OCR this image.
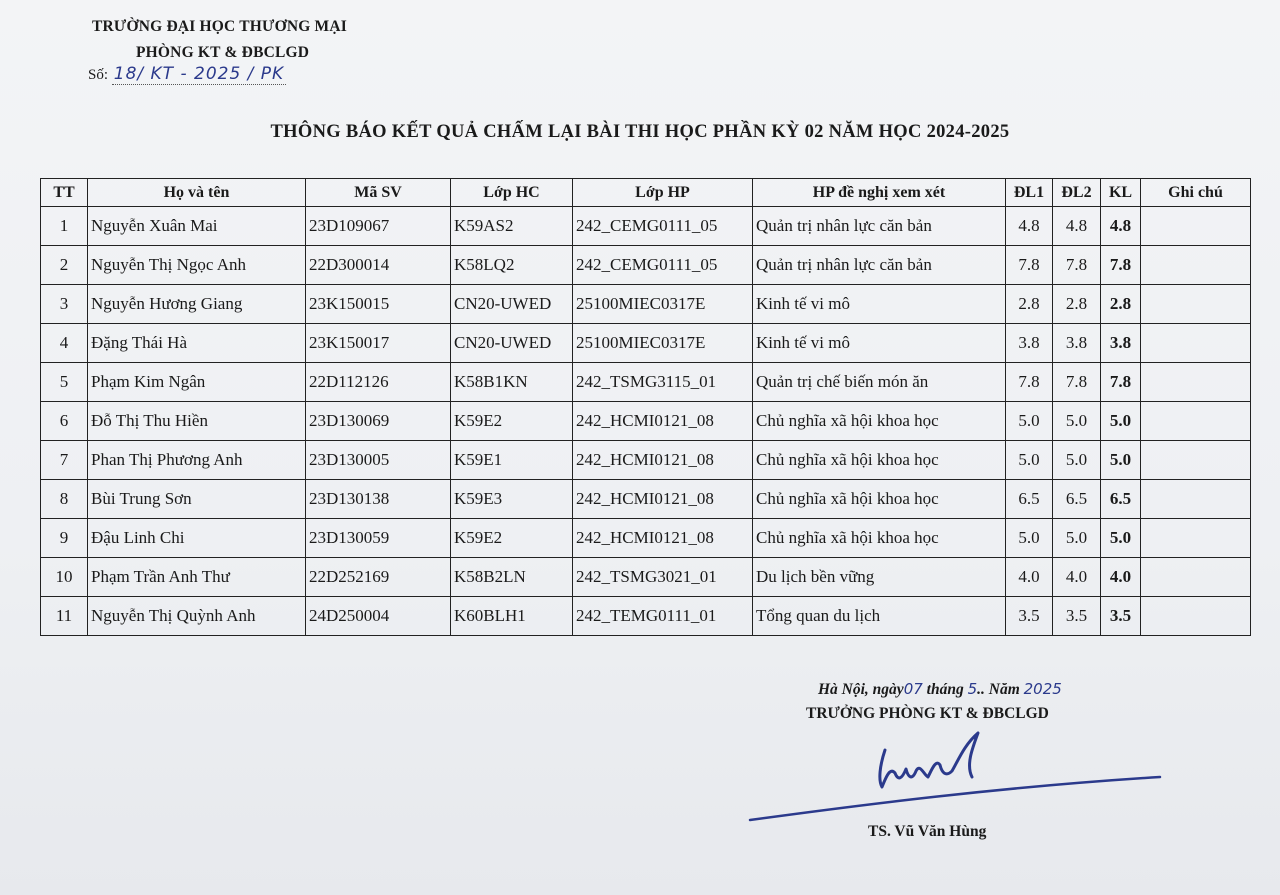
TRƯỜNG ĐẠI HỌC THƯƠNG MẠI
PHÒNG KT & ĐBCLGD
Số: 18/ KT - 2025 / PK
THÔNG BÁO KẾT QUẢ CHẤM LẠI BÀI THI HỌC PHẦN KỲ 02 NĂM HỌC 2024-2025
TT	Họ và tên	Mã SV	Lớp HC	Lớp HP	HP đề nghị xem xét	ĐL1	ĐL2	KL	Ghi chú
1	Nguyễn Xuân Mai	23D109067	K59AS2	242_CEMG0111_05	Quản trị nhân lực căn bản	4.8	4.8	4.8	
2	Nguyễn Thị Ngọc Anh	22D300014	K58LQ2	242_CEMG0111_05	Quản trị nhân lực căn bản	7.8	7.8	7.8	
3	Nguyễn Hương Giang	23K150015	CN20-UWED	25100MIEC0317E	Kinh tế vi mô	2.8	2.8	2.8	
4	Đặng Thái Hà	23K150017	CN20-UWED	25100MIEC0317E	Kinh tế vi mô	3.8	3.8	3.8	
5	Phạm Kim Ngân	22D112126	K58B1KN	242_TSMG3115_01	Quản trị chế biến món ăn	7.8	7.8	7.8	
6	Đỗ Thị Thu Hiền	23D130069	K59E2	242_HCMI0121_08	Chủ nghĩa xã hội khoa học	5.0	5.0	5.0	
7	Phan Thị Phương Anh	23D130005	K59E1	242_HCMI0121_08	Chủ nghĩa xã hội khoa học	5.0	5.0	5.0	
8	Bùi Trung Sơn	23D130138	K59E3	242_HCMI0121_08	Chủ nghĩa xã hội khoa học	6.5	6.5	6.5	
9	Đậu Linh Chi	23D130059	K59E2	242_HCMI0121_08	Chủ nghĩa xã hội khoa học	5.0	5.0	5.0	
10	Phạm Trần Anh Thư	22D252169	K58B2LN	242_TSMG3021_01	Du lịch bền vững	4.0	4.0	4.0	
11	Nguyễn Thị Quỳnh Anh	24D250004	K60BLH1	242_TEMG0111_01	Tổng quan du lịch	3.5	3.5	3.5	
Hà Nội, ngày07 tháng 5.. Năm 2025
TRƯỞNG PHÒNG KT & ĐBCLGD
TS. Vũ Văn Hùng
